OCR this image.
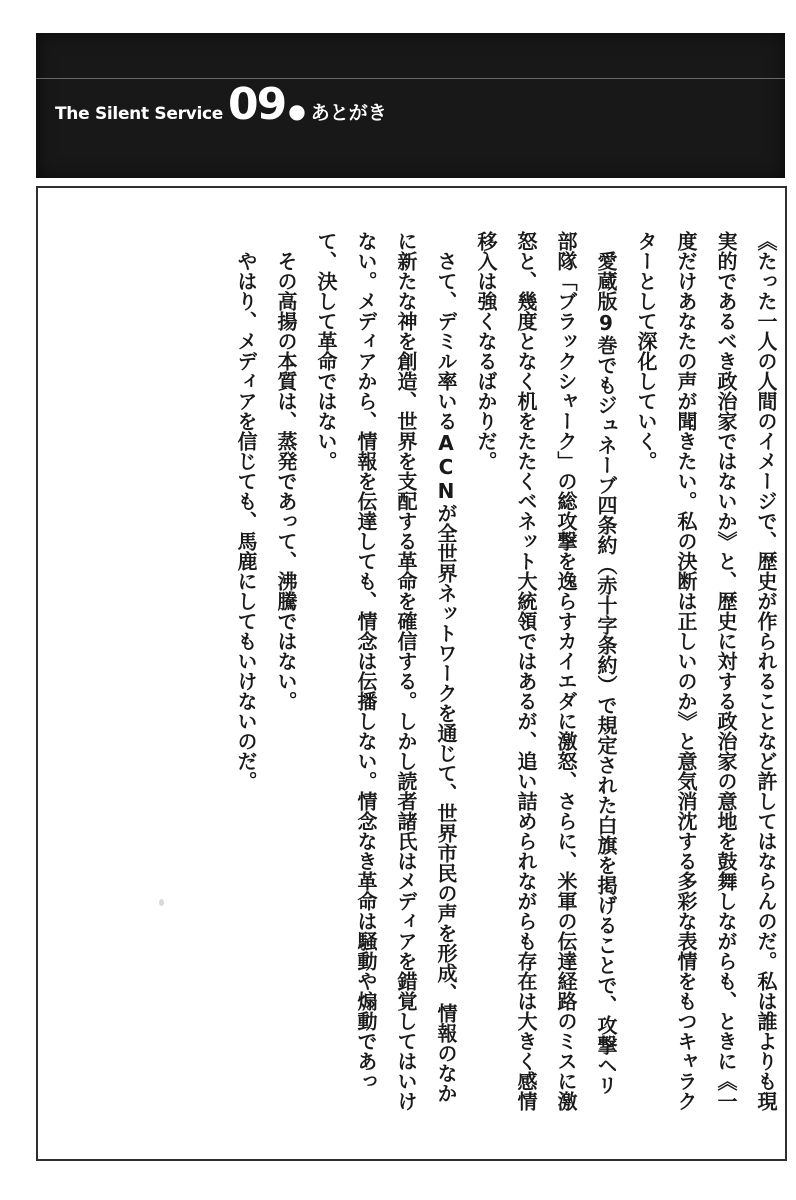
The Silent Service 09 ● あとがき

《たった一人の人間のイメージで、歴史が作られることなど許してはならんのだ。私は誰よりも現実的であるべき政治家ではないか》と、歴史に対する政治家の意地を鼓舞しながらも、ときに《一度だけあなたの声が聞きたい。私の決断は正しいのか》と意気消沈する多彩な表情をもつキャラクターとして深化していく。

愛蔵版9巻でもジュネーブ四条約（赤十字条約）で規定された白旗を掲げることで、攻撃ヘリ部隊「ブラックシャーク」の総攻撃を逸らすカイエダに激怒、さらに、米軍の伝達経路のミスに激怒と、幾度となく机をたたくベネット大統領ではあるが、追い詰められながらも存在は大きく感情移入は強くなるばかりだ。

さて、デミル率いるACNが全世界ネットワークを通じて、世界市民の声を形成、情報のなかに新たな神を創造、世界を支配する革命を確信する。しかし読者諸氏はメディアを錯覚してはいけない。メディアから、情報を伝達しても、情念は伝播しない。情念なき革命は騒動や煽動であって、決して革命ではない。

その高揚の本質は、蒸発であって、沸騰ではない。

やはり、メディアを信じても、馬鹿にしてもいけないのだ。
